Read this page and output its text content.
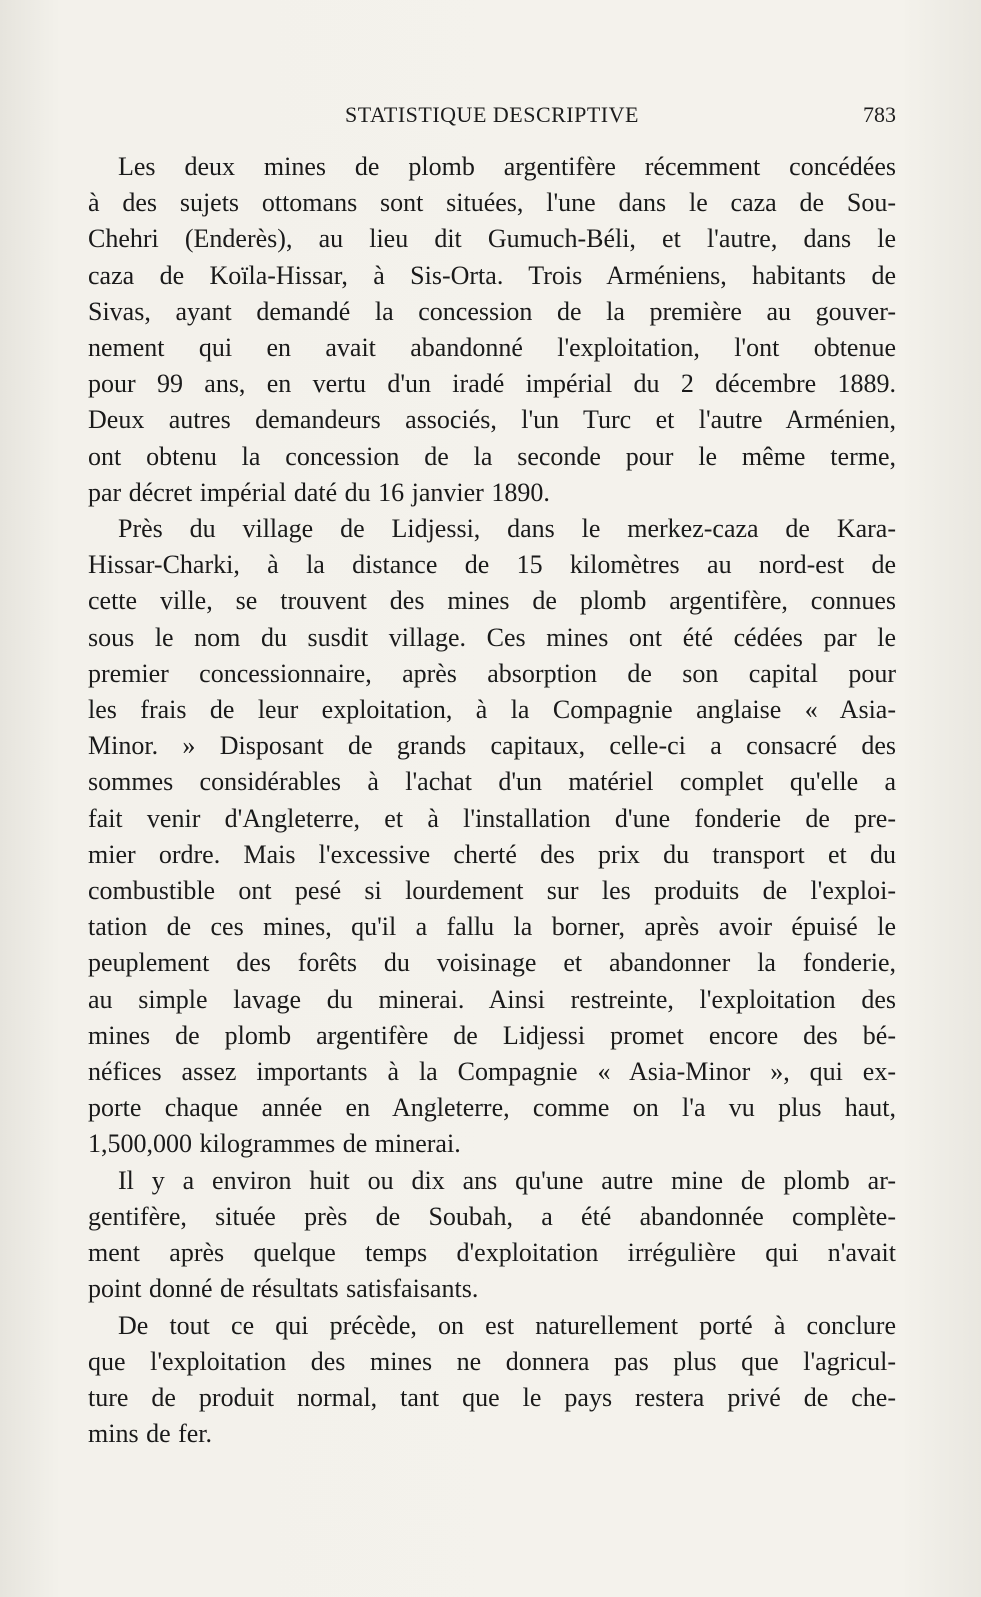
STATISTIQUE DESCRIPTIVE	783
Les deux mines de plomb argentifère récemment concédées
à des sujets ottomans sont situées, l'une dans le caza de Sou-
Chehri (Enderès), au lieu dit Gumuch-Béli, et l'autre, dans le
caza de Koïla-Hissar, à Sis-Orta. Trois Arméniens, habitants de
Sivas, ayant demandé la concession de la première au gouver-
nement qui en avait abandonné l'exploitation, l'ont obtenue
pour 99 ans, en vertu d'un iradé impérial du 2 décembre 1889.
Deux autres demandeurs associés, l'un Turc et l'autre Arménien,
ont obtenu la concession de la seconde pour le même terme,
par décret impérial daté du 16 janvier 1890.
Près du village de Lidjessi, dans le merkez-caza de Kara-
Hissar-Charki, à la distance de 15 kilomètres au nord-est de
cette ville, se trouvent des mines de plomb argentifère, connues
sous le nom du susdit village. Ces mines ont été cédées par le
premier concessionnaire, après absorption de son capital pour
les frais de leur exploitation, à la Compagnie anglaise « Asia-
Minor. » Disposant de grands capitaux, celle-ci a consacré des
sommes considérables à l'achat d'un matériel complet qu'elle a
fait venir d'Angleterre, et à l'installation d'une fonderie de pre-
mier ordre. Mais l'excessive cherté des prix du transport et du
combustible ont pesé si lourdement sur les produits de l'exploi-
tation de ces mines, qu'il a fallu la borner, après avoir épuisé le
peuplement des forêts du voisinage et abandonner la fonderie,
au simple lavage du minerai. Ainsi restreinte, l'exploitation des
mines de plomb argentifère de Lidjessi promet encore des bé-
néfices assez importants à la Compagnie « Asia-Minor », qui ex-
porte chaque année en Angleterre, comme on l'a vu plus haut,
1,500,000 kilogrammes de minerai.
Il y a environ huit ou dix ans qu'une autre mine de plomb ar-
gentifère, située près de Soubah, a été abandonnée complète-
ment après quelque temps d'exploitation irrégulière qui n'avait
point donné de résultats satisfaisants.
De tout ce qui précède, on est naturellement porté à conclure
que l'exploitation des mines ne donnera pas plus que l'agricul-
ture de produit normal, tant que le pays restera privé de che-
mins de fer.
